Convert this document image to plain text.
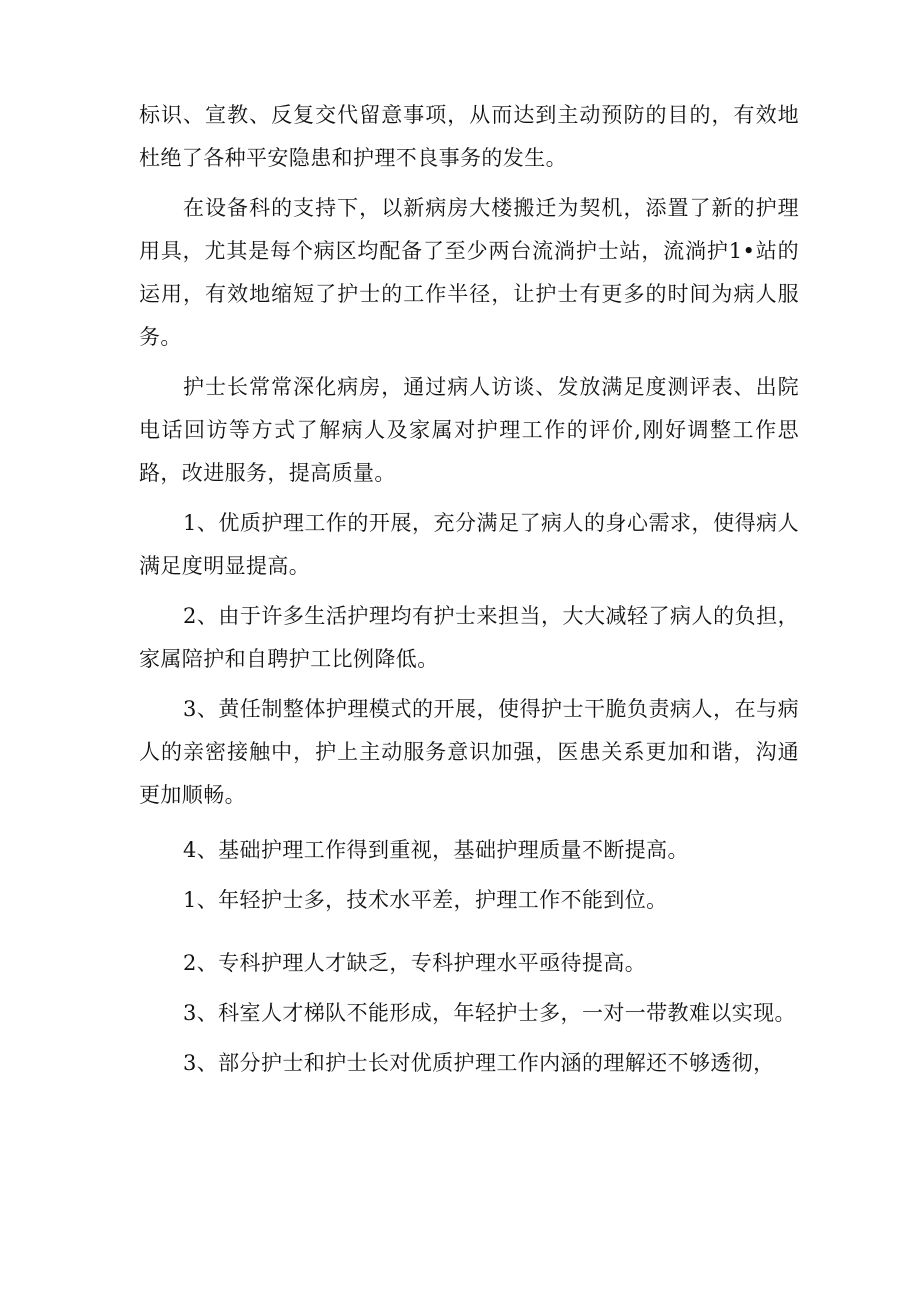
标识、宣教、反复交代留意事项，从而达到主动预防的目的，有效地杜绝了各种平安隐患和护理不良事务的发生。

在设备科的支持下，以新病房大楼搬迁为契机，添置了新的护理用具，尤其是每个病区均配备了至少两台流淌护士站，流淌护1•站的运用，有效地缩短了护士的工作半径，让护士有更多的时间为病人服务。

护士长常常深化病房，通过病人访谈、发放满足度测评表、出院电话回访等方式了解病人及家属对护理工作的评价,刚好调整工作思路，改进服务，提高质量。

1、优质护理工作的开展，充分满足了病人的身心需求，使得病人满足度明显提高。

2、由于许多生活护理均有护士来担当，大大减轻了病人的负担，家属陪护和自聘护工比例降低。

3、黄任制整体护理模式的开展，使得护士干脆负责病人，在与病人的亲密接触中，护上主动服务意识加强，医患关系更加和谐，沟通更加顺畅。

4、基础护理工作得到重视，基础护理质量不断提高。

1、年轻护士多，技术水平差，护理工作不能到位。

2、专科护理人才缺乏，专科护理水平亟待提高。

3、科室人才梯队不能形成，年轻护士多，一对一带教难以实现。

3、部分护士和护士长对优质护理工作内涵的理解还不够透彻，
